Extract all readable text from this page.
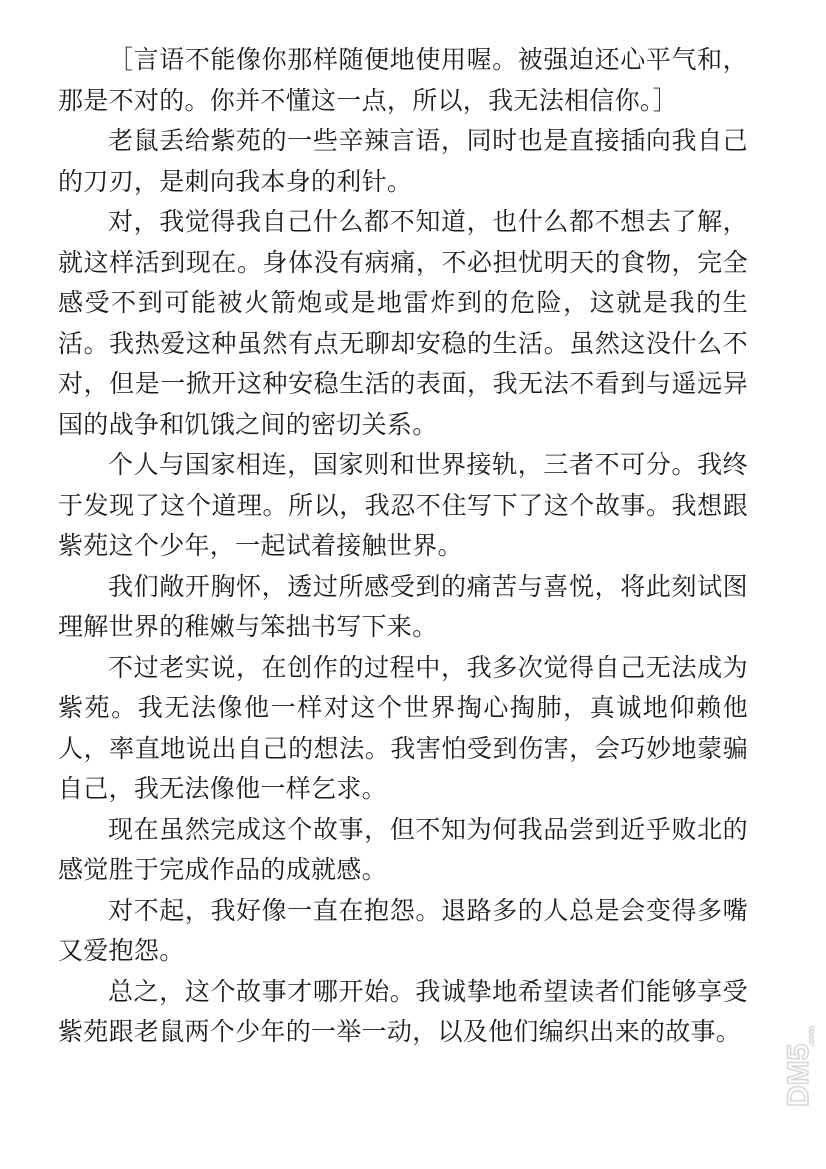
［言语不能像你那样随便地使用喔。被强迫还心平气和，那是不对的。你并不懂这一点，所以，我无法相信你。］

老鼠丢给紫苑的一些辛辣言语，同时也是直接插向我自己的刀刃，是刺向我本身的利针。

对，我觉得我自己什么都不知道，也什么都不想去了解，就这样活到现在。身体没有病痛，不必担忧明天的食物，完全感受不到可能被火箭炮或是地雷炸到的危险，这就是我的生活。我热爱这种虽然有点无聊却安稳的生活。虽然这没什么不对，但是一掀开这种安稳生活的表面，我无法不看到与遥远异国的战争和饥饿之间的密切关系。

个人与国家相连，国家则和世界接轨，三者不可分。我终于发现了这个道理。所以，我忍不住写下了这个故事。我想跟紫苑这个少年，一起试着接触世界。

我们敞开胸怀，透过所感受到的痛苦与喜悦，将此刻试图理解世界的稚嫩与笨拙书写下来。

不过老实说，在创作的过程中，我多次觉得自己无法成为紫苑。我无法像他一样对这个世界掏心掏肺，真诚地仰赖他人，率直地说出自己的想法。我害怕受到伤害，会巧妙地蒙骗自己，我无法像他一样乞求。

现在虽然完成这个故事，但不知为何我品尝到近乎败北的感觉胜于完成作品的成就感。

对不起，我好像一直在抱怨。退路多的人总是会变得多嘴又爱抱怨。

总之，这个故事才哪开始。我诚挚地希望读者们能够享受紫苑跟老鼠两个少年的一举一动，以及他们编织出来的故事。

DM5
.com
